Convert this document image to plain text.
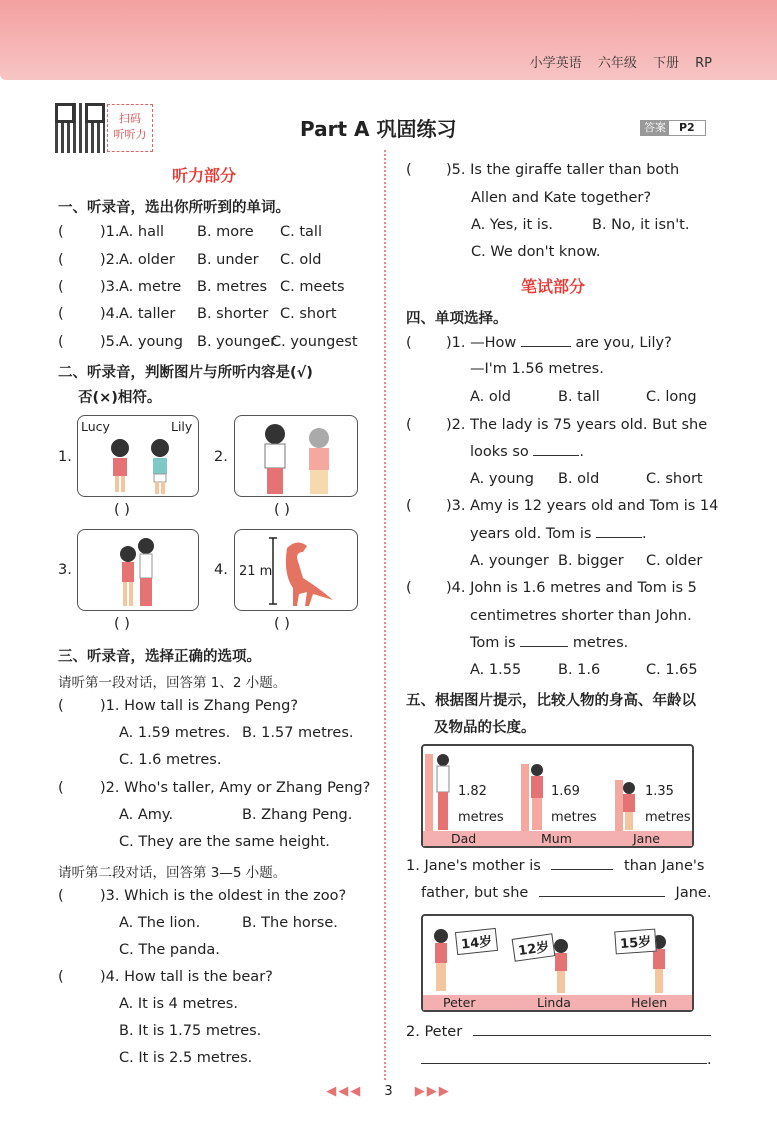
小学英语 六年级 下册 RP
扫码
听听力	Part A 巩固练习	答案	P2
听力部分
一、听录音，选出你所听到的单词。
(	)1. A. hall B. more C. tall
(	)2. A. older B. under C. old
(	)3. A. metre B. metres C. meets
(	)4. A. taller B. shorter C. short
(	)5. A. young B. younger
C. youngest
二、听录音，判断图片与所听内容是(√)
否(×)相符。
1.
Lucy	Lily
( )
2.
( )
3.
( )
4. 21 m
( )
三、听录音，选择正确的选项。
请听第一段对话，回答第 1、2 小题。
(	)1. How tall is Zhang Peng?
A. 1.59 metres. B. 1.57 metres.
C. 1.6 metres.
(	)2. Who's taller, Amy or Zhang Peng?
A. Amy.	B. Zhang Peng.
C. They are the same height.
请听第二段对话，回答第 3—5 小题。
(	)3. Which is the oldest in the zoo?
A. The lion.	B. The horse.
C. The panda.
(	)4. How tall is the bear?
A. It is 4 metres.
B. It is 1.75 metres.
C. It is 2.5 metres.
( )5. Is the giraffe taller than both
Allen and Kate together?
A. Yes, it is.	B. No, it isn't.
C. We don't know.
笔试部分
四、单项选择。
( )1. —How	are you, Lily?
—I'm 1.56 metres.
A. old	B. tall	C. long
( )2. The lady is 75 years old. But she
looks so	.
A. young B. old	C. short
( )3. Amy is 12 years old and Tom is 14
years old. Tom is	.
A. younger B. bigger C. older
( )4. John is 1.6 metres and Tom is 5
centimetres shorter than John.
Tom is	metres.
A. 1.55	B. 1.6	C. 1.65
五、根据图片提示，比较人物的身高、年龄以
及物品的长度。
1.82
metres
1.69
metres
1.35
metres
Dad	Mum	Jane
1. Jane's mother is	than Jane's
father, but she	Jane.
14岁	12岁	15岁
Peter	Linda	Helen
2. Peter
.
◀◀◀ 3 ▶▶▶
